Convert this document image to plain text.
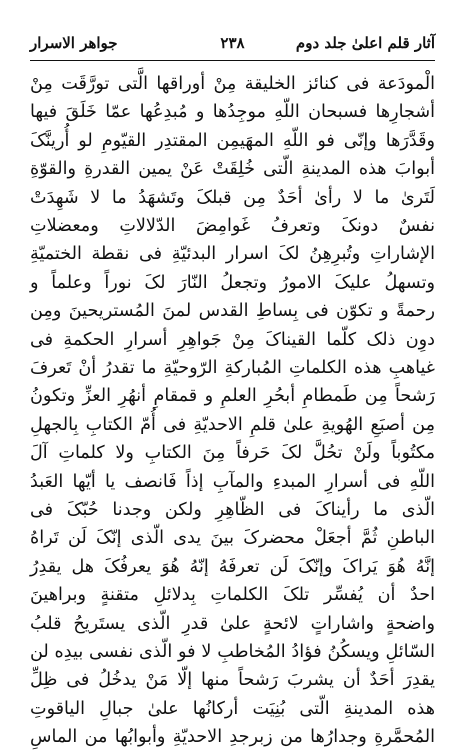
آثار قلم اعلیٰ جلد دوم
۲۳۸
جواهر الاسرار
الْمودَعة فی کنائز الخلیقة مِنْ أوراقها الَّتی تورَّقَت مِنْ
أشجارِها فسبحان اللّهِ موجِدُها و مُبدِعُها عمّا خَلَقَ فیها
وقَدَّرَها وإنّی فو اللّهِ المهَیمِن المقتدِر القیّومِ لو أُرینَّکَ
أبوابَ هذه المدینةِ الّتی خُلِقَتْ عَنْ یمین القدرةِ والقوّةِ
لَتَرىٰ ما لا رأىٰ أحَدٌ مِن قبلکَ وتَشهَدُ ما لا شَهِدَتْ
نفسٌ دونکَ وتعرفُ غَوامِضَ الدّلالاتِ ومعضلاتِ
الإشاراتِ وتُبرِهِنُ لکَ اسرار البدئیّةِ فی نقطة الختمیّةِ
وتسهلُ علیکَ الامورُ وتجعلُ النّارَ لکَ نوراً وعلماً و
رحمةً و تکوّن فی بِساطِ القدس لمنَ المُستریحینَ ومِن
دوِن ذلک کلّما القیناکَ مِنْ جَواهِرِ أسرارِ الحکمةِ فی
غیاهبِ هذه الکلماتِ المُبارکةِ الرّوحیّةِ ما تقدرُ أنْ تَعرفَ
رَشحاً مِن طَمطامِ أبحُرِ العلمِ و قمقامِ أنهُرِ العزِّ وتکونُ
مِن أصبَعِ الهُویةِ علیٰ قلمِ الاحدیّةِ فی أُمّ الکتابِ بِالجهلِ
مکتُوباً ولَنْ تحُلَّ لکَ حَرفاً مِنَ الکتابِ ولا کلماتِ آلَ
اللّهِ فی أسرارِ المبدءِ والمآبِ إذاً فَانصف یا أیّها العَبدُ
الّذی ما رأیناکَ فی الظّاهِرِ ولکن وجدنا حُبّکَ فی
الباطنِ ثُمَّ أجعَلْ محضرکَ بینَ یدی الّذی إنّکَ لَن تَراهُ
إنَّهُ هُوَ یَراکَ وإنّکَ لَن تعرفَهُ إنّهُ هُوَ یعرفُکَ هل یقدِرُ
احدٌ أن یُفسِّر تلکَ الکلماتِ بِدلائلِ متقنةٍ وبراهینَ
واضحةٍ واشاراتٍ لائحةٍ علیٰ قدرِ الّذی یستَریحُ قلبُ
السّائلِ ویسکُنُ فؤادُ المُخاطبِ لا فو الّذی نفسی بیدِه لن
یقدِرَ أحَدٌ أن یشربَ رَشحاً منها إلّا مَنْ یدخُلُ فی ظِلِّ
هذه المدینةِ الّتی بُنِیَت أرکانُها علیٰ جبالِ الیاقوتِ
المُحمَّرةِ وجدارُها من زبرجدِ الاحدیّةِ وأبوابُها من الماسِ
